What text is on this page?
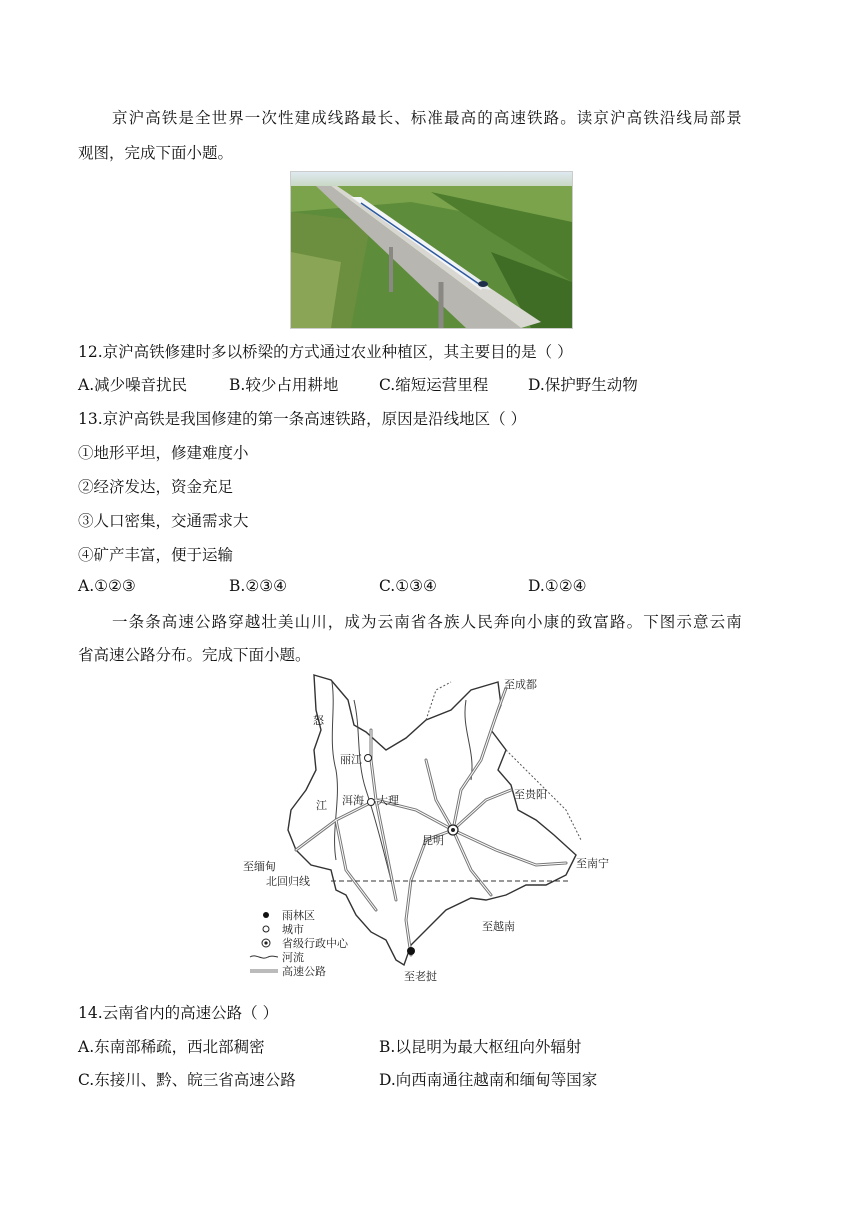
京沪高铁是全世界一次性建成线路最长、标准最高的高速铁路。读京沪高铁沿线局部景
观图，完成下面小题。
12.京沪高铁修建时多以桥梁的方式通过农业种植区，其主要目的是（ ）
A.减少噪音扰民	B.较少占用耕地	C.缩短运营里程	D.保护野生动物
13.京沪高铁是我国修建的第一条高速铁路，原因是沿线地区（ ）
①地形平坦，修建难度小
②经济发达，资金充足
③人口密集，交通需求大
④矿产丰富，便于运输
A.①②③	B.②③④	C.①③④	D.①②④
一条条高速公路穿越壮美山川，成为云南省各族人民奔向小康的致富路。下图示意云南
省高速公路分布。完成下面小题。
至成都
至贵阳
至南宁
至越南
至老挝
至缅甸
北回归线
丽江
洱海 大理
昆明
怒
江
雨林区
城市
省级行政中心
河流
高速公路
14.云南省内的高速公路（ ）
A.东南部稀疏，西北部稠密	B.以昆明为最大枢纽向外辐射
C.东接川、黔、皖三省高速公路	D.向西南通往越南和缅甸等国家
